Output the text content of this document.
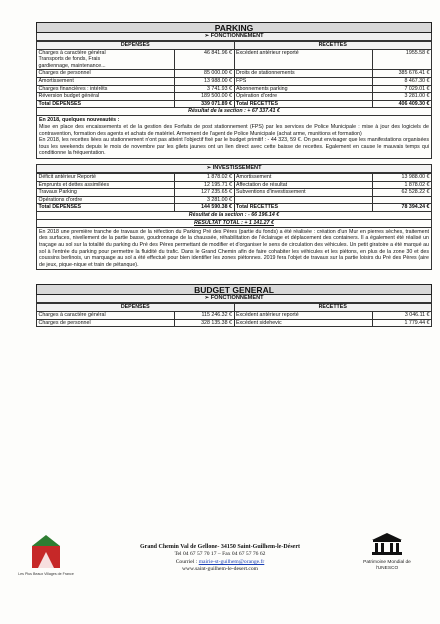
PARKING
➢ FONCTIONNEMENT
DEPENSES		RECETTES	
Charges à caractère général
Transports de fonds, Frais
gardiennage, maintenance...	46 841.96 €	Excédent antérieur reporté	1955.58 €
Charges de personnel	85 000.00 €	Droits de stationnements	385 676.41 €
Amortissement	13 988.00 €	FPS	8 467.30 €
Charges financières : intérêts	3 741.93 €	Abonnements parking	7 029.01 €
Réversion budget général	189 500.00 €	Opération d'ordre	3 281.00 €
Total DEPENSES	339 071.89 €	Total RECETTES	406 409.30 €
Résultat de la section : + 67 337.41 €

En 2018, quelques nouveautés :

Mise en place des encaissements et de la gestion des Forfaits de post stationnement (FPS) par les services de Police Municipale : mise à jour des logiciels de contravention, formation des agents et achats de matériel. Armement de l'agent de Police Municipale (achat arme, munitions et formation)

En 2018, les recettes liées au stationnement n'ont pas atteint l'objectif fixé par le budget primitif : - 44 323, 59 €. On peut envisager que les manifestations organisées tous les weekends depuis le mois de novembre par les gilets jaunes ont un lien direct avec cette baisse de recettes. Egalement en cause le mauvais temps qui conditionne la fréquentation.

➢ INVESTISSEMENT
Déficit antérieur Reporté	1 878.02 €	Amortissement	13 988.00 €
Emprunts et dettes assimilées	12 195.71 €	Affectation de résultat	1 878.02 €
Travaux Parking	127 235.65 €	Subventions d'investissement	62 528.22 €
Opérations d'ordre	3 281.00 €		
Total DEPENSES	144 590.38 €	Total RECETTES	78 394.24 €
Résultat de la section : - 66 196.14 €
RESULTAT TOTAL : + 1 141.27 €

En 2018 une première tranche de travaux de la réfection du Parking Pré des Pères (partie du fonds) a été réalisée : création d'un Mur en pierres sèches, traitement des surfaces, nivellement de la partie basse, goudronnage de la chaussée, réhabilitation de l'éclairage et déplacement des containers. Il a également été réalisé un traçage au sol sur la totalité du parking du Pré des Pères permettant de modifier et d'organiser le sens de circulation des véhicules. Un petit giratoire a été marqué au sol à l'entrée du parking pour permettre la fluidité du trafic. Dans le Grand Chemin afin de faire cohabiter les véhicules et les piétons, en plus de la zone 30 et des coussins berlinois, un marquage au sol a été effectué pour bien identifier les zones piétonnes. 2019 fera l'objet de travaux sur la partie loisirs du Pré des Pères (aire de jeux, pique-nique et train de pétanque).

BUDGET GENERAL
➢ FONCTIONNEMENT
DEPENSES		RECETTES	
Charges à caractère général	115 246.32 €	Excédent antérieur reporté	3 046.11 €
Charges de personnel	328 135.38 €	Excédent sidehevic	1 779.44 €
Les Plus Beaux Villages de France
Grand Chemin Val de Gellone- 34150 Saint-Guilhem-le-Désert
Tel 04 67 57 70 17 – Fax 04 67 57 76 62
Courriel : mairie-st-guilhem@orange.fr
www.saint-guilhem-le-desert.com
Patrimoine Mondial de l'UNESCO
